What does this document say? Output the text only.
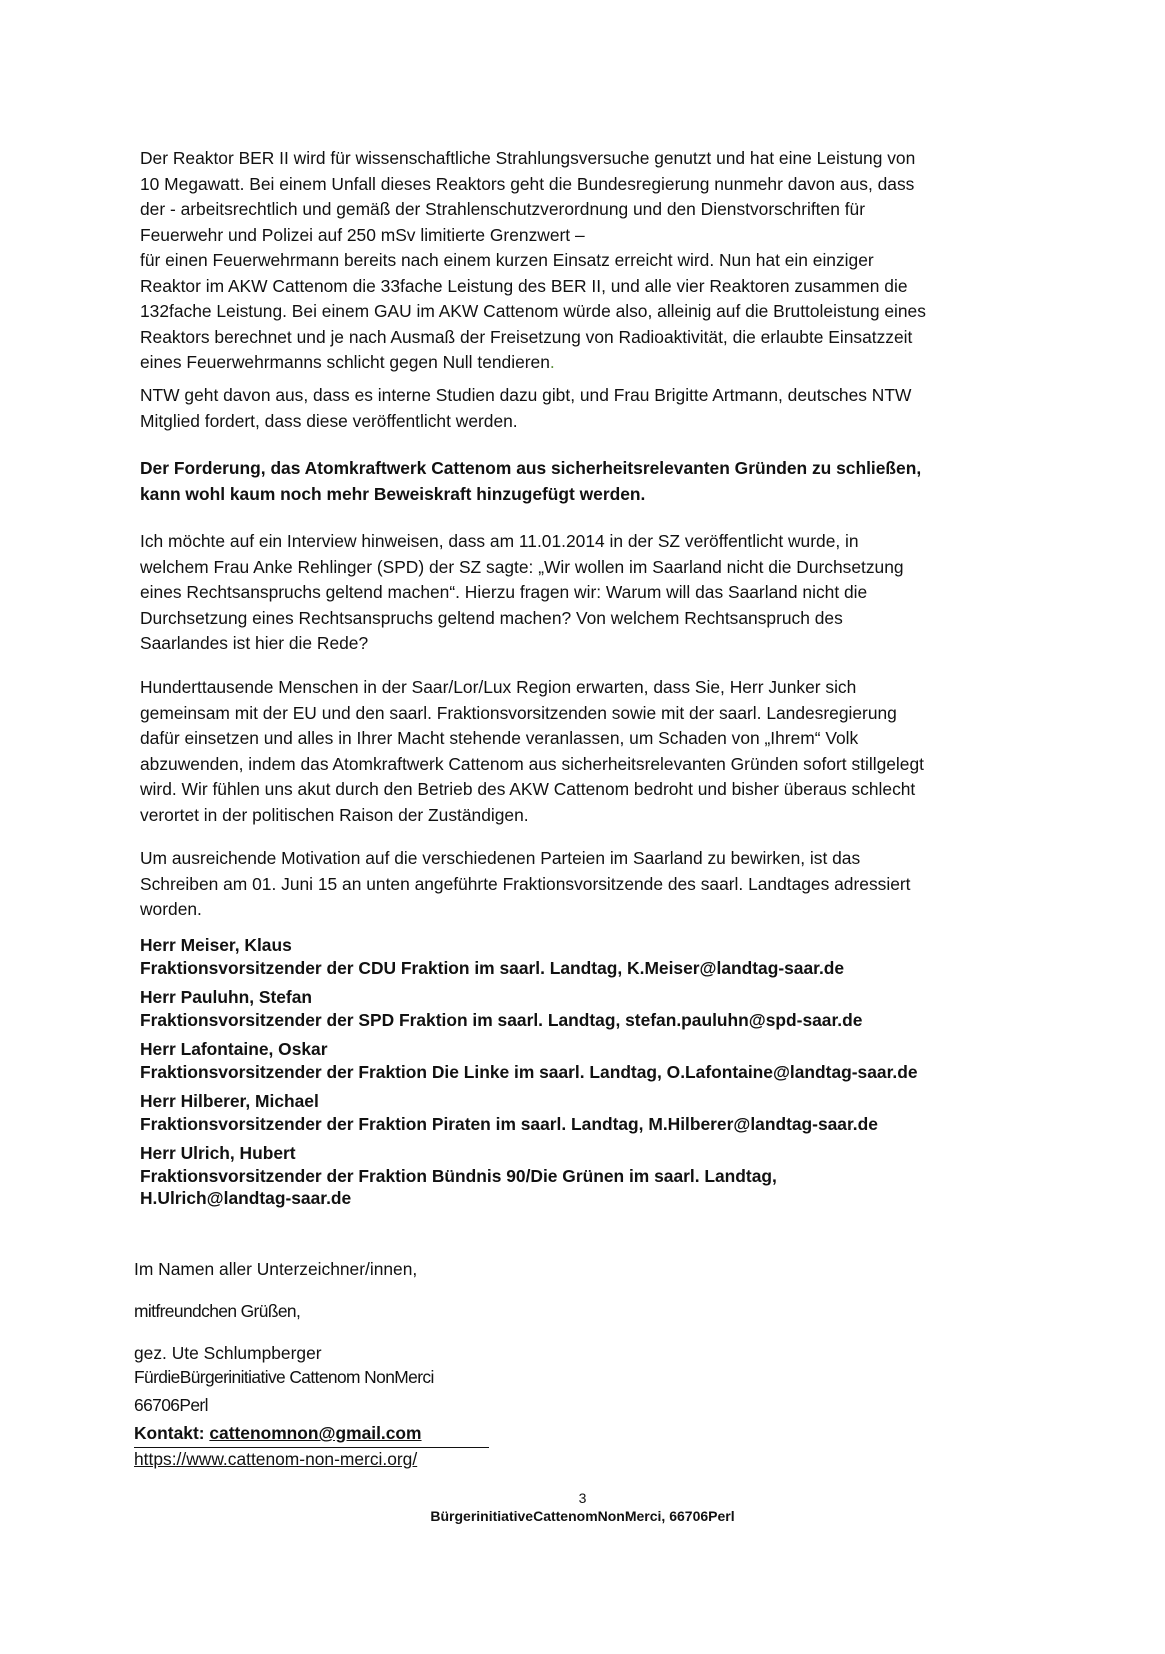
Der Reaktor BER II wird für wissenschaftliche Strahlungsversuche genutzt und hat eine Leistung von
10 Megawatt. Bei einem Unfall dieses Reaktors geht die Bundesregierung nunmehr davon aus, dass
der - arbeitsrechtlich und gemäß der Strahlenschutzverordnung und den Dienstvorschriften für
Feuerwehr und Polizei auf 250 mSv limitierte Grenzwert –
für einen Feuerwehrmann bereits nach einem kurzen Einsatz erreicht wird. Nun hat ein einziger
Reaktor im AKW Cattenom die 33fache Leistung des BER II, und alle vier Reaktoren zusammen die
132fache Leistung. Bei einem GAU im AKW Cattenom würde also, alleinig auf die Bruttoleistung eines
Reaktors berechnet und je nach Ausmaß der Freisetzung von Radioaktivität, die erlaubte Einsatzzeit
eines Feuerwehrmanns schlicht gegen Null tendieren.

NTW geht davon aus, dass es interne Studien dazu gibt, und Frau Brigitte Artmann, deutsches NTW
Mitglied fordert, dass diese veröffentlicht werden.

Der Forderung, das Atomkraftwerk Cattenom aus sicherheitsrelevanten Gründen zu schließen,
kann wohl kaum noch mehr Beweiskraft hinzugefügt werden.

Ich möchte auf ein Interview hinweisen, dass am 11.01.2014 in der SZ veröffentlicht wurde, in
welchem Frau Anke Rehlinger (SPD) der SZ sagte: „Wir wollen im Saarland nicht die Durchsetzung
eines Rechtsanspruchs geltend machen“. Hierzu fragen wir: Warum will das Saarland nicht die
Durchsetzung eines Rechtsanspruchs geltend machen? Von welchem Rechtsanspruch des
Saarlandes ist hier die Rede?

Hunderttausende Menschen in der Saar/Lor/Lux Region erwarten, dass Sie, Herr Junker sich
gemeinsam mit der EU und den saarl. Fraktionsvorsitzenden sowie mit der saarl. Landesregierung
dafür einsetzen und alles in Ihrer Macht stehende veranlassen, um Schaden von „Ihrem“ Volk
abzuwenden, indem das Atomkraftwerk Cattenom aus sicherheitsrelevanten Gründen sofort stillgelegt
wird. Wir fühlen uns akut durch den Betrieb des AKW Cattenom bedroht und bisher überaus schlecht
verortet in der politischen Raison der Zuständigen.

Um ausreichende Motivation auf die verschiedenen Parteien im Saarland zu bewirken, ist das
Schreiben am 01. Juni 15 an unten angeführte Fraktionsvorsitzende des saarl. Landtages adressiert
worden.

Herr Meiser, Klaus
Fraktionsvorsitzender der CDU Fraktion im saarl. Landtag, K.Meiser@landtag-saar.de
Herr Pauluhn, Stefan
Fraktionsvorsitzender der SPD Fraktion im saarl. Landtag, stefan.pauluhn@spd-saar.de
Herr Lafontaine, Oskar
Fraktionsvorsitzender der Fraktion Die Linke im saarl. Landtag, O.Lafontaine@landtag-saar.de
Herr Hilberer, Michael
Fraktionsvorsitzender der Fraktion Piraten im saarl. Landtag, M.Hilberer@landtag-saar.de
Herr Ulrich, Hubert
Fraktionsvorsitzender der Fraktion Bündnis 90/Die Grünen im saarl. Landtag,
H.Ulrich@landtag-saar.de
Im Namen aller Unterzeichner/innen,
mitfreundchen Grüßen,
gez. Ute Schlumpberger
FürdieBürgerinitiative Cattenom NonMerci
66706Perl
Kontakt: cattenomnon@gmail.com
https://www.cattenom-non-merci.org/
3
BürgerinitiativeCattenomNonMerci, 66706Perl
